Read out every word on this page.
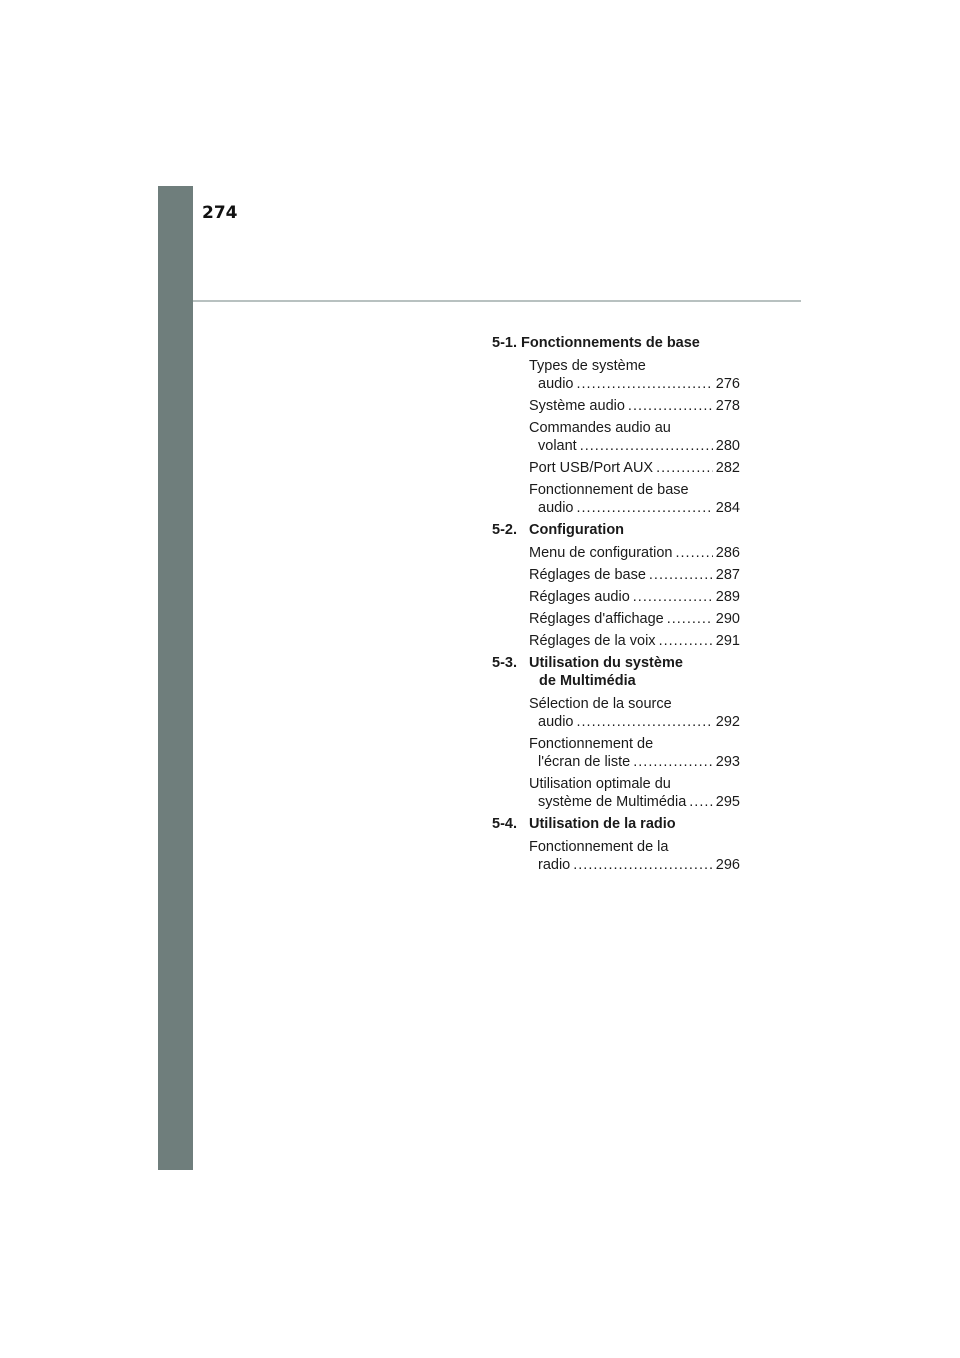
274
5-1. Fonctionnements de base
Types de système
audio .....	276
Système audio .....	278
Commandes audio au
volant .....	280
Port USB/Port AUX .....	282
Fonctionnement de base
audio .....	284
5-2. Configuration
Menu de configuration .....	286
Réglages de base .....	287
Réglages audio .....	289
Réglages d'affichage .....	290
Réglages de la voix .....	291
5-3. Utilisation du système
de Multimédia
Sélection de la source
audio .....	292
Fonctionnement de
l'écran de liste .....	293
Utilisation optimale du
système de Multimédia ..... 295
5-4. Utilisation de la radio
Fonctionnement de la
radio .....	296
